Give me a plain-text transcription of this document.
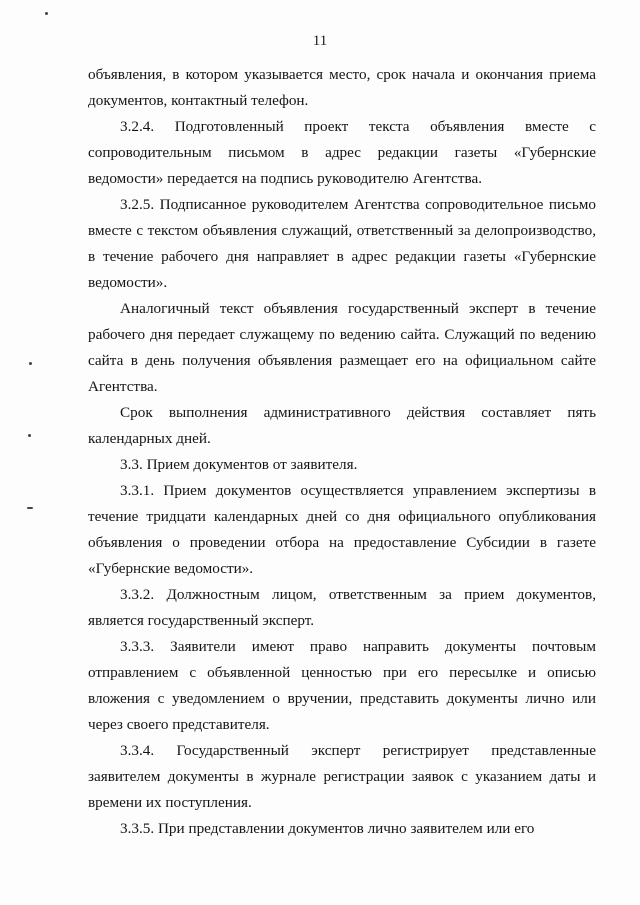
11

объявления, в котором указывается место, срок начала и окончания приема документов, контактный телефон.

3.2.4. Подготовленный проект текста объявления вместе с сопроводительным письмом в адрес редакции газеты «Губернские ведомости» передается на подпись руководителю Агентства.

3.2.5. Подписанное руководителем Агентства сопроводительное письмо вместе с текстом объявления служащий, ответственный за делопроизводство, в течение рабочего дня направляет в адрес редакции газеты «Губернские ведомости».

Аналогичный текст объявления государственный эксперт в течение рабочего дня передает служащему по ведению сайта. Служащий по ведению сайта в день получения объявления размещает его на официальном сайте Агентства.

Срок выполнения административного действия составляет пять календарных дней.

3.3. Прием документов от заявителя.

3.3.1. Прием документов осуществляется управлением экспертизы в течение тридцати календарных дней со дня официального опубликования объявления о проведении отбора на предоставление Субсидии в газете «Губернские ведомости».

3.3.2. Должностным лицом, ответственным за прием документов, является государственный эксперт.

3.3.3. Заявители имеют право направить документы почтовым отправлением с объявленной ценностью при его пересылке и описью вложения с уведомлением о вручении, представить документы лично или через своего представителя.

3.3.4. Государственный эксперт регистрирует представленные заявителем документы в журнале регистрации заявок с указанием даты и времени их поступления.

3.3.5. При представлении документов лично заявителем или его
